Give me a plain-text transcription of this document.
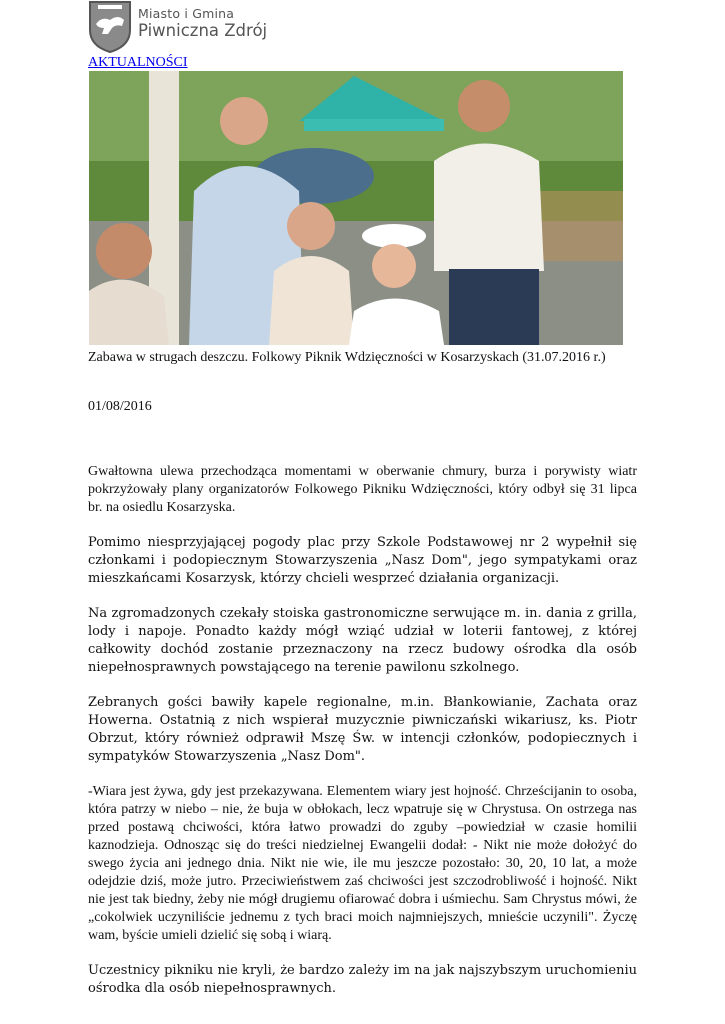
Miasto i Gmina
Piwniczna Zdrój
AKTUALNOŚCI
Zabawa w strugach deszczu. Folkowy Piknik Wdzięczności w Kosarzyskach (31.07.2016 r.)
01/08/2016

Gwałtowna ulewa przechodząca momentami w oberwanie chmury, burza i porywisty wiatr pokrzyżowały plany organizatorów Folkowego Pikniku Wdzięczności, który odbył się 31 lipca br. na osiedlu Kosarzyska.

Pomimo niesprzyjającej pogody plac przy Szkole Podstawowej nr 2 wypełnił się członkami i podopiecznym Stowarzyszenia „Nasz Dom", jego sympatykami oraz mieszkańcami Kosarzysk, którzy chcieli wesprzeć działania organizacji.

Na zgromadzonych czekały stoiska gastronomiczne serwujące m. in. dania z grilla, lody i napoje. Ponadto każdy mógł wziąć udział w loterii fantowej, z której całkowity dochód zostanie przeznaczony na rzecz budowy ośrodka dla osób niepełnosprawnych powstającego na terenie pawilonu szkolnego.

Zebranych gości bawiły kapele regionalne, m.in. Błankowianie, Zachata oraz Howerna. Ostatnią z nich wspierał muzycznie piwniczański wikariusz, ks. Piotr Obrzut, który również odprawił Mszę Św. w intencji członków, podopiecznych i sympatyków Stowarzyszenia „Nasz Dom".

-Wiara jest żywa, gdy jest przekazywana. Elementem wiary jest hojność. Chrześcijanin to osoba, która patrzy w niebo – nie, że buja w obłokach, lecz wpatruje się w Chrystusa. On ostrzega nas przed postawą chciwości, która łatwo prowadzi do zguby –powiedział w czasie homilii kaznodzieja. Odnosząc się do treści niedzielnej Ewangelii dodał: - Nikt nie może dołożyć do swego życia ani jednego dnia. Nikt nie wie, ile mu jeszcze pozostało: 30, 20, 10 lat, a może odejdzie dziś, może jutro. Przeciwieństwem zaś chciwości jest szczodrobliwość i hojność. Nikt nie jest tak biedny, żeby nie mógł drugiemu ofiarować dobra i uśmiechu. Sam Chrystus mówi, że „cokolwiek uczyniliście jednemu z tych braci moich najmniejszych, mnieście uczynili". Życzę wam, byście umieli dzielić się sobą i wiarą.

Uczestnicy pikniku nie kryli, że bardzo zależy im na jak najszybszym uruchomieniu ośrodka dla osób niepełnosprawnych.
